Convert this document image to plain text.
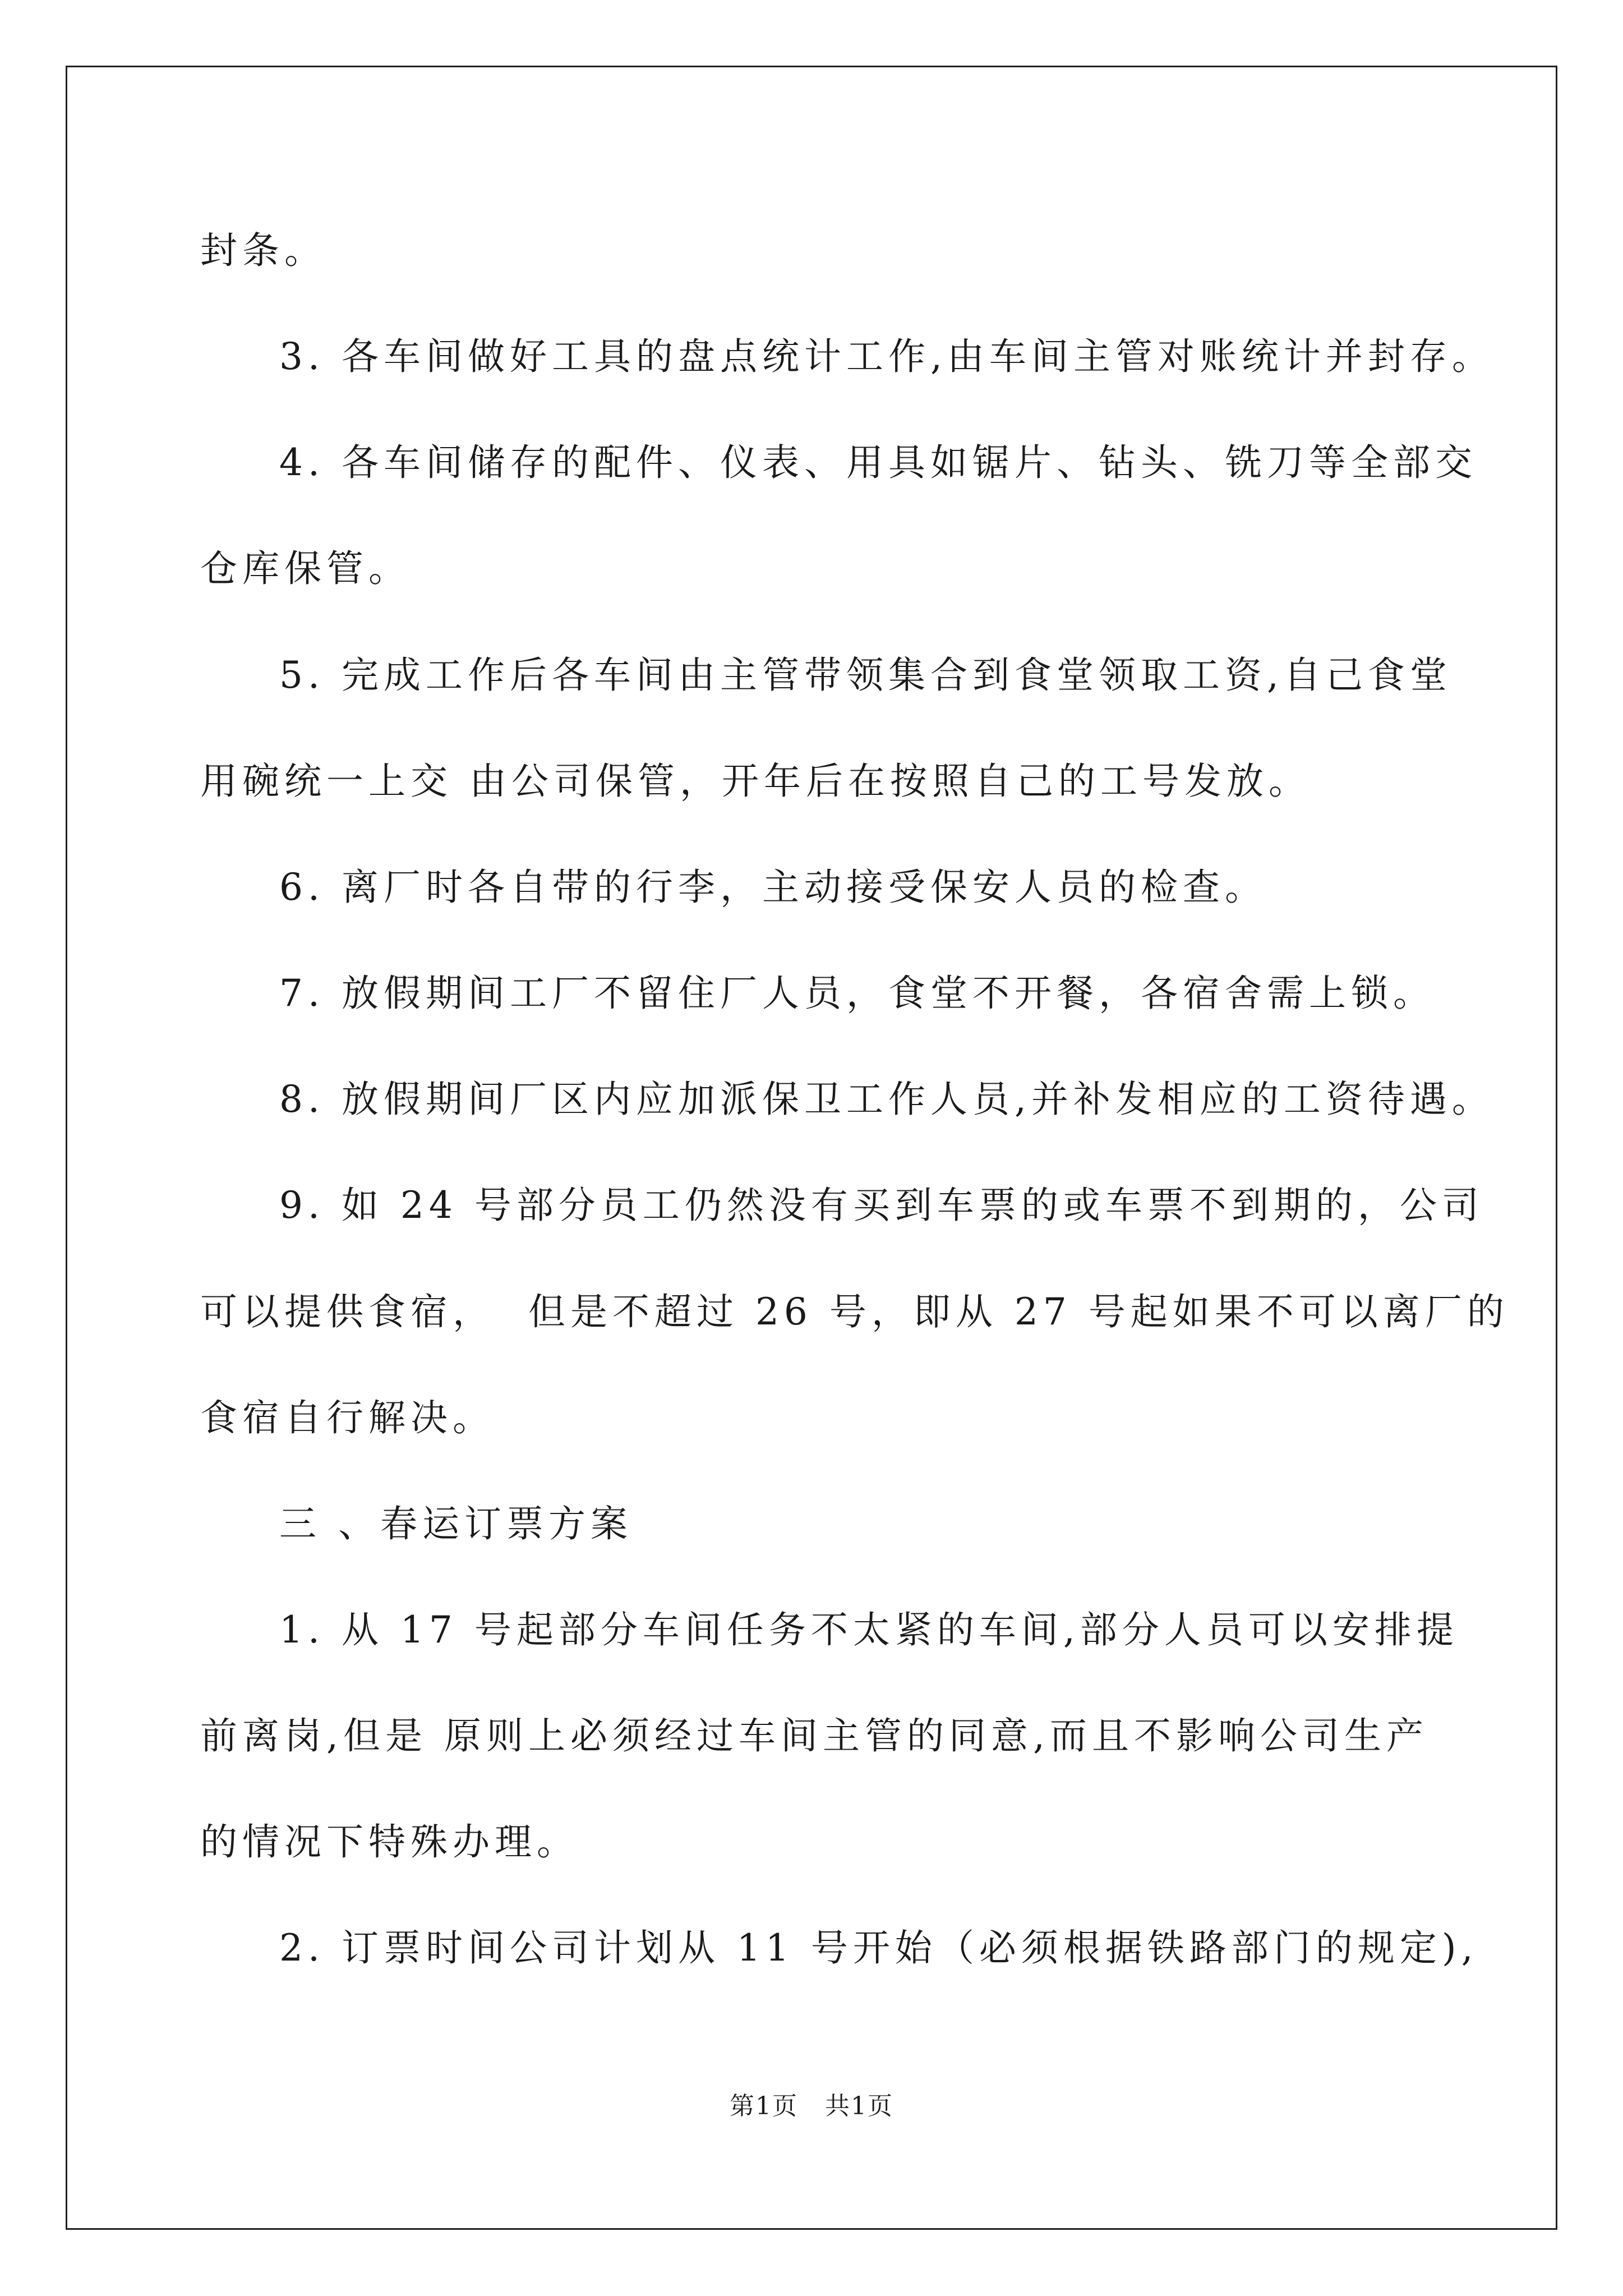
封条。
3. 各车间做好工具的盘点统计工作,由车间主管对账统计并封存。
4. 各车间储存的配件、仪表、用具如锯片、钻头、铣刀等全部交
仓库保管。
5. 完成工作后各车间由主管带领集合到食堂领取工资,自己食堂
用碗统一上交 由公司保管，开年后在按照自己的工号发放。
6. 离厂时各自带的行李，主动接受保安人员的检查。
7. 放假期间工厂不留住厂人员，食堂不开餐，各宿舍需上锁。
8. 放假期间厂区内应加派保卫工作人员,并补发相应的工资待遇。
9. 如 24 号部分员工仍然没有买到车票的或车票不到期的，公司
可以提供食宿，  但是不超过 26 号，即从 27 号起如果不可以离厂的
食宿自行解决。
三 、春运订票方案
1. 从 17 号起部分车间任务不太紧的车间,部分人员可以安排提
前离岗,但是 原则上必须经过车间主管的同意,而且不影响公司生产
的情况下特殊办理。
2. 订票时间公司计划从 11 号开始（必须根据铁路部门的规定),
第1页   共1页
